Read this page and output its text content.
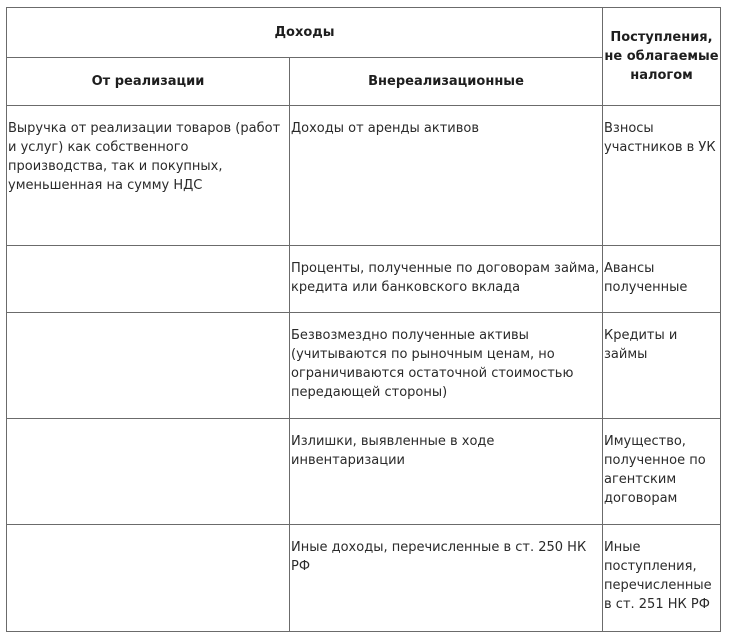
Доходы		Поступления, не облагаемые налогом
От реализации	Внереализационные	
Выручка от реализации товаров (работ и услуг) как собственного производства, так и покупных, уменьшенная на сумму НДС	Доходы от аренды активов	Взносы участников в УК
	Проценты, полученные по договорам займа, кредита или банковского вклада	Авансы полученные
	Безвозмездно полученные активы (учитываются по рыночным ценам, но ограничиваются остаточной стоимостью передающей стороны)	Кредиты и займы
	Излишки, выявленные в ходе инвентаризации	Имущество, полученное по агентским договорам
	Иные доходы, перечисленные в ст. 250 НК РФ	Иные поступления, перечисленные в ст. 251 НК РФ
